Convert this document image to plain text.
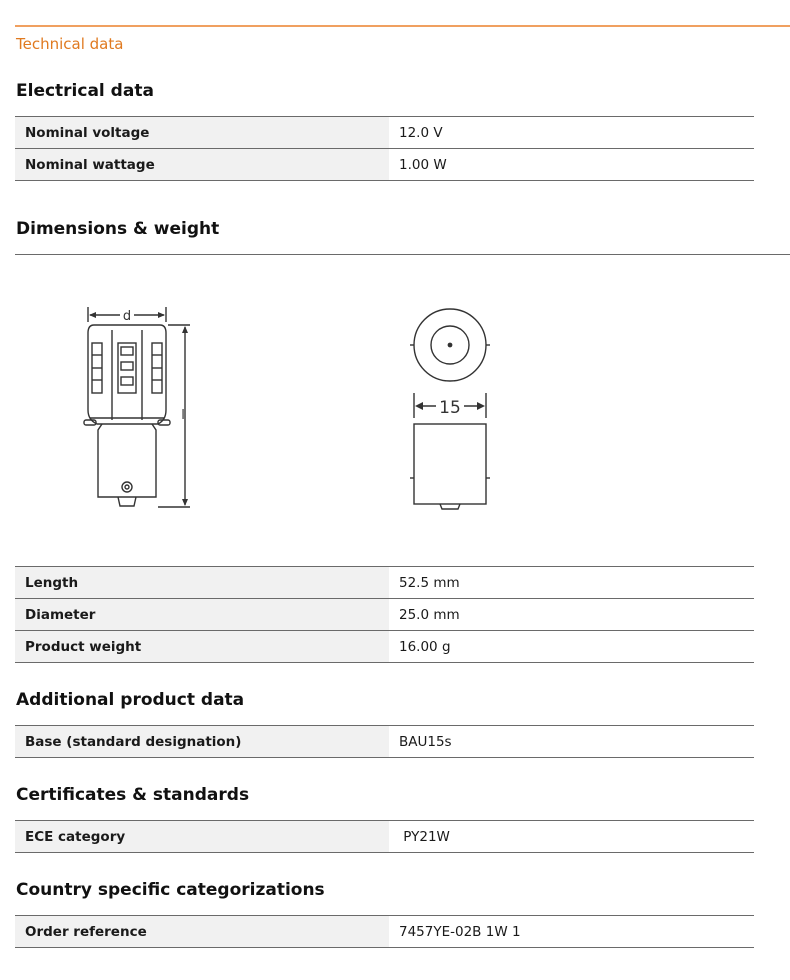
Technical data
Electrical data
Nominal voltage	12.0 V
Nominal wattage	1.00 W
Dimensions & weight
d
l	15
Length	52.5 mm
Diameter	25.0 mm
Product weight	16.00 g
Additional product data
Base (standard designation)	BAU15s
Certificates & standards
ECE category	PY21W
Country specific categorizations
Order reference	7457YE-02B 1W 1
